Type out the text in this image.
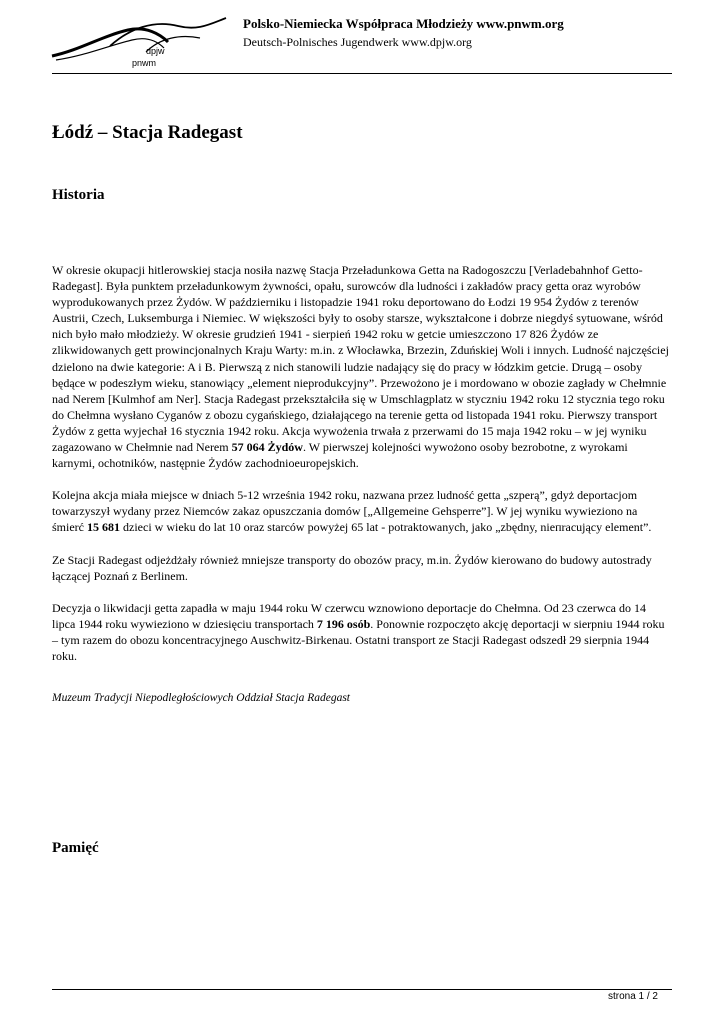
dpjw
pnwm
Polsko-Niemiecka Współpraca Młodzieży www.pnwm.org
Deutsch-Polnisches Jugendwerk www.dpjw.org
Łódź – Stacja Radegast
Historia

W okresie okupacji hitlerowskiej stacja nosiła nazwę Stacja Przeładunkowa Getta na Radogoszczu [Verladebahnhof Getto-Radegast]. Była punktem przeładunkowym żywności, opału, surowców dla ludności i zakładów pracy getta oraz wyrobów wyprodukowanych przez Żydów. W październiku i listopadzie 1941 roku deportowano do Łodzi 19 954 Żydów z terenów Austrii, Czech, Luksemburga i Niemiec. W większości były to osoby starsze, wykształcone i dobrze niegdyś sytuowane, wśród nich było mało młodzieży. W okresie grudzień 1941 - sierpień 1942 roku w getcie umieszczono 17 826 Żydów ze zlikwidowanych gett prowincjonalnych Kraju Warty: m.in. z Włocławka, Brzezin, Zduńskiej Woli i innych. Ludność najczęściej dzielono na dwie kategorie: A i B. Pierwszą z nich stanowili ludzie nadający się do pracy w łódzkim getcie. Drugą – osoby będące w podeszłym wieku, stanowiący „element nieprodukcyjny”. Przewożono je i mordowano w obozie zagłady w Chełmnie nad Nerem [Kulmhof am Ner]. Stacja Radegast przekształciła się w Umschlagplatz w styczniu 1942 roku 12 stycznia tego roku do Chełmna wysłano Cyganów z obozu cygańskiego, działającego na terenie getta od listopada 1941 roku. Pierwszy transport Żydów z getta wyjechał 16 stycznia 1942 roku. Akcja wywożenia trwała z przerwami do 15 maja 1942 roku – w jej wyniku zagazowano w Chełmnie nad Nerem 57 064 Żydów. W pierwszej kolejności wywożono osoby bezrobotne, z wyrokami karnymi, ochotników, następnie Żydów zachodnioeuropejskich.

Kolejna akcja miała miejsce w dniach 5-12 września 1942 roku, nazwana przez ludność getta „szperą”, gdyż deportacjom towarzyszył wydany przez Niemców zakaz opuszczania domów [„Allgemeine Gehsperre”]. W jej wyniku wywieziono na śmierć 15 681 dzieci w wieku do lat 10 oraz starców powyżej 65 lat - potraktowanych, jako „zbędny, nieпracujący element”.

Ze Stacji Radegast odjeżdżały również mniejsze transporty do obozów pracy, m.in. Żydów kierowano do budowy autostrady łączącej Poznań z Berlinem.

Decyzja o likwidacji getta zapadła w maju 1944 roku W czerwcu wznowiono deportacje do Chełmna. Od 23 czerwca do 14 lipca 1944 roku wywieziono w dziesięciu transportach 7 196 osób. Ponownie rozpoczęto akcję deportacji w sierpniu 1944 roku – tym razem do obozu koncentracyjnego Auschwitz-Birkenau. Ostatni transport ze Stacji Radegast odszedł 29 sierpnia 1944 roku.

Muzeum Tradycji Niepodległościowych Oddział Stacja Radegast

Pamięć
strona 1 / 2
